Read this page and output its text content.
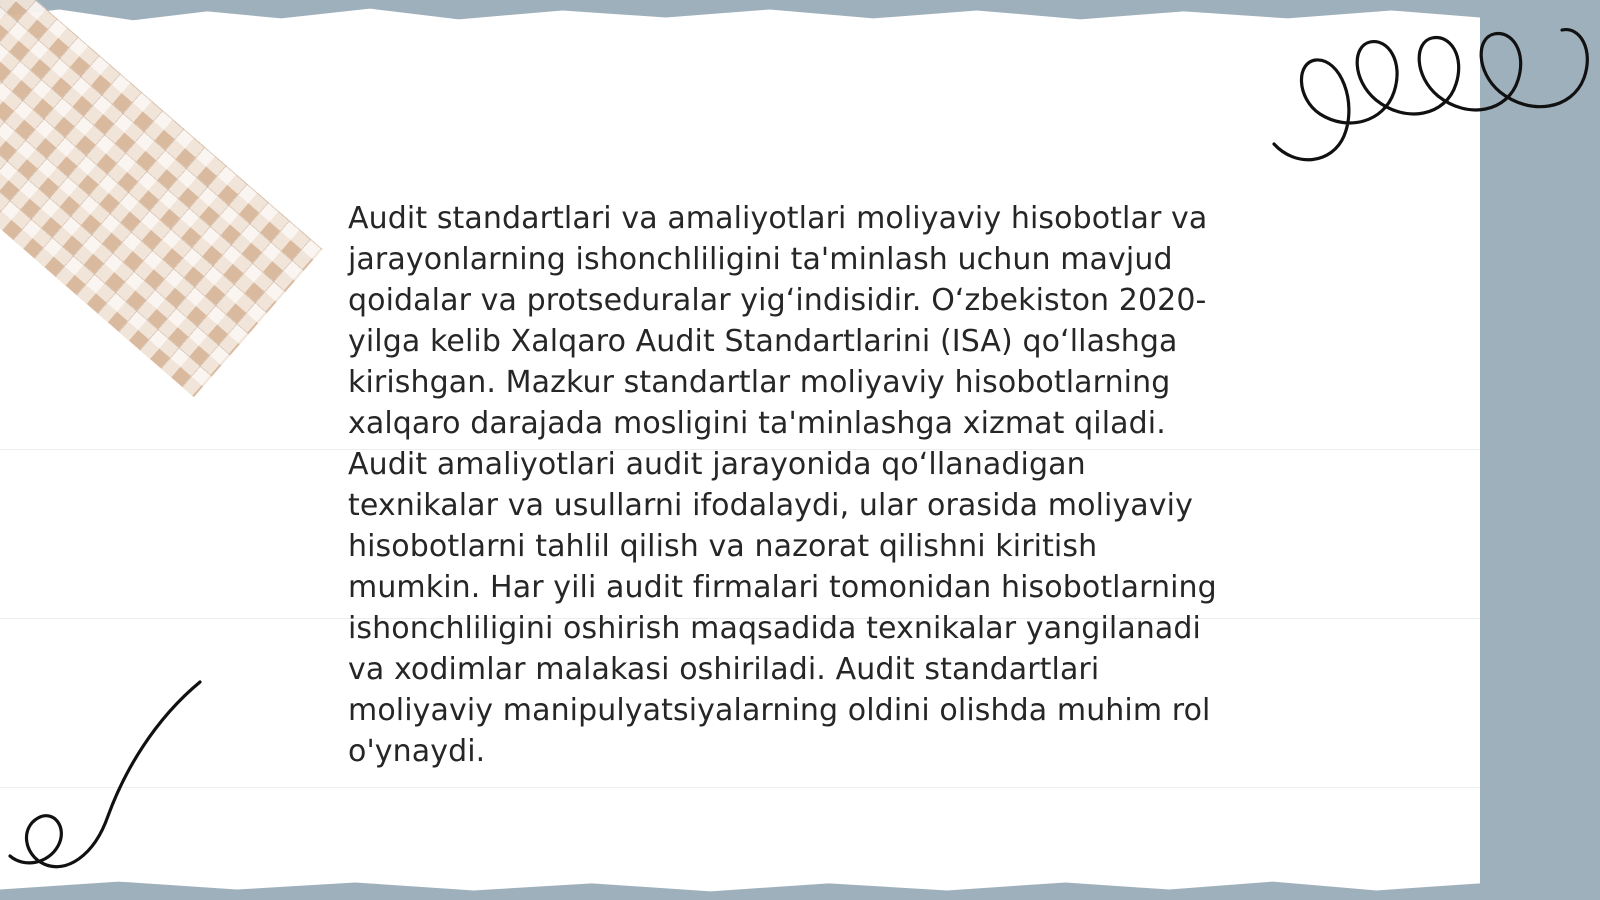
Audit standartlari va amaliyotlari moliyaviy hisobotlar va jarayonlarning ishonchliligini ta'minlash uchun mavjud qoidalar va protseduralar yig‘indisidir. O‘zbekiston 2020-yilga kelib Xalqaro Audit Standartlarini (ISA) qo‘llashga kirishgan. Mazkur standartlar moliyaviy hisobotlarning xalqaro darajada mosligini ta'minlashga xizmat qiladi. Audit amaliyotlari audit jarayonida qo‘llanadigan texnikalar va usullarni ifodalaydi, ular orasida moliyaviy hisobotlarni tahlil qilish va nazorat qilishni kiritish mumkin. Har yili audit firmalari tomonidan hisobotlarning ishonchliligini oshirish maqsadida texnikalar yangilanadi va xodimlar malakasi oshiriladi. Audit standartlari moliyaviy manipulyatsiyalarning oldini olishda muhim rol o'ynaydi.
